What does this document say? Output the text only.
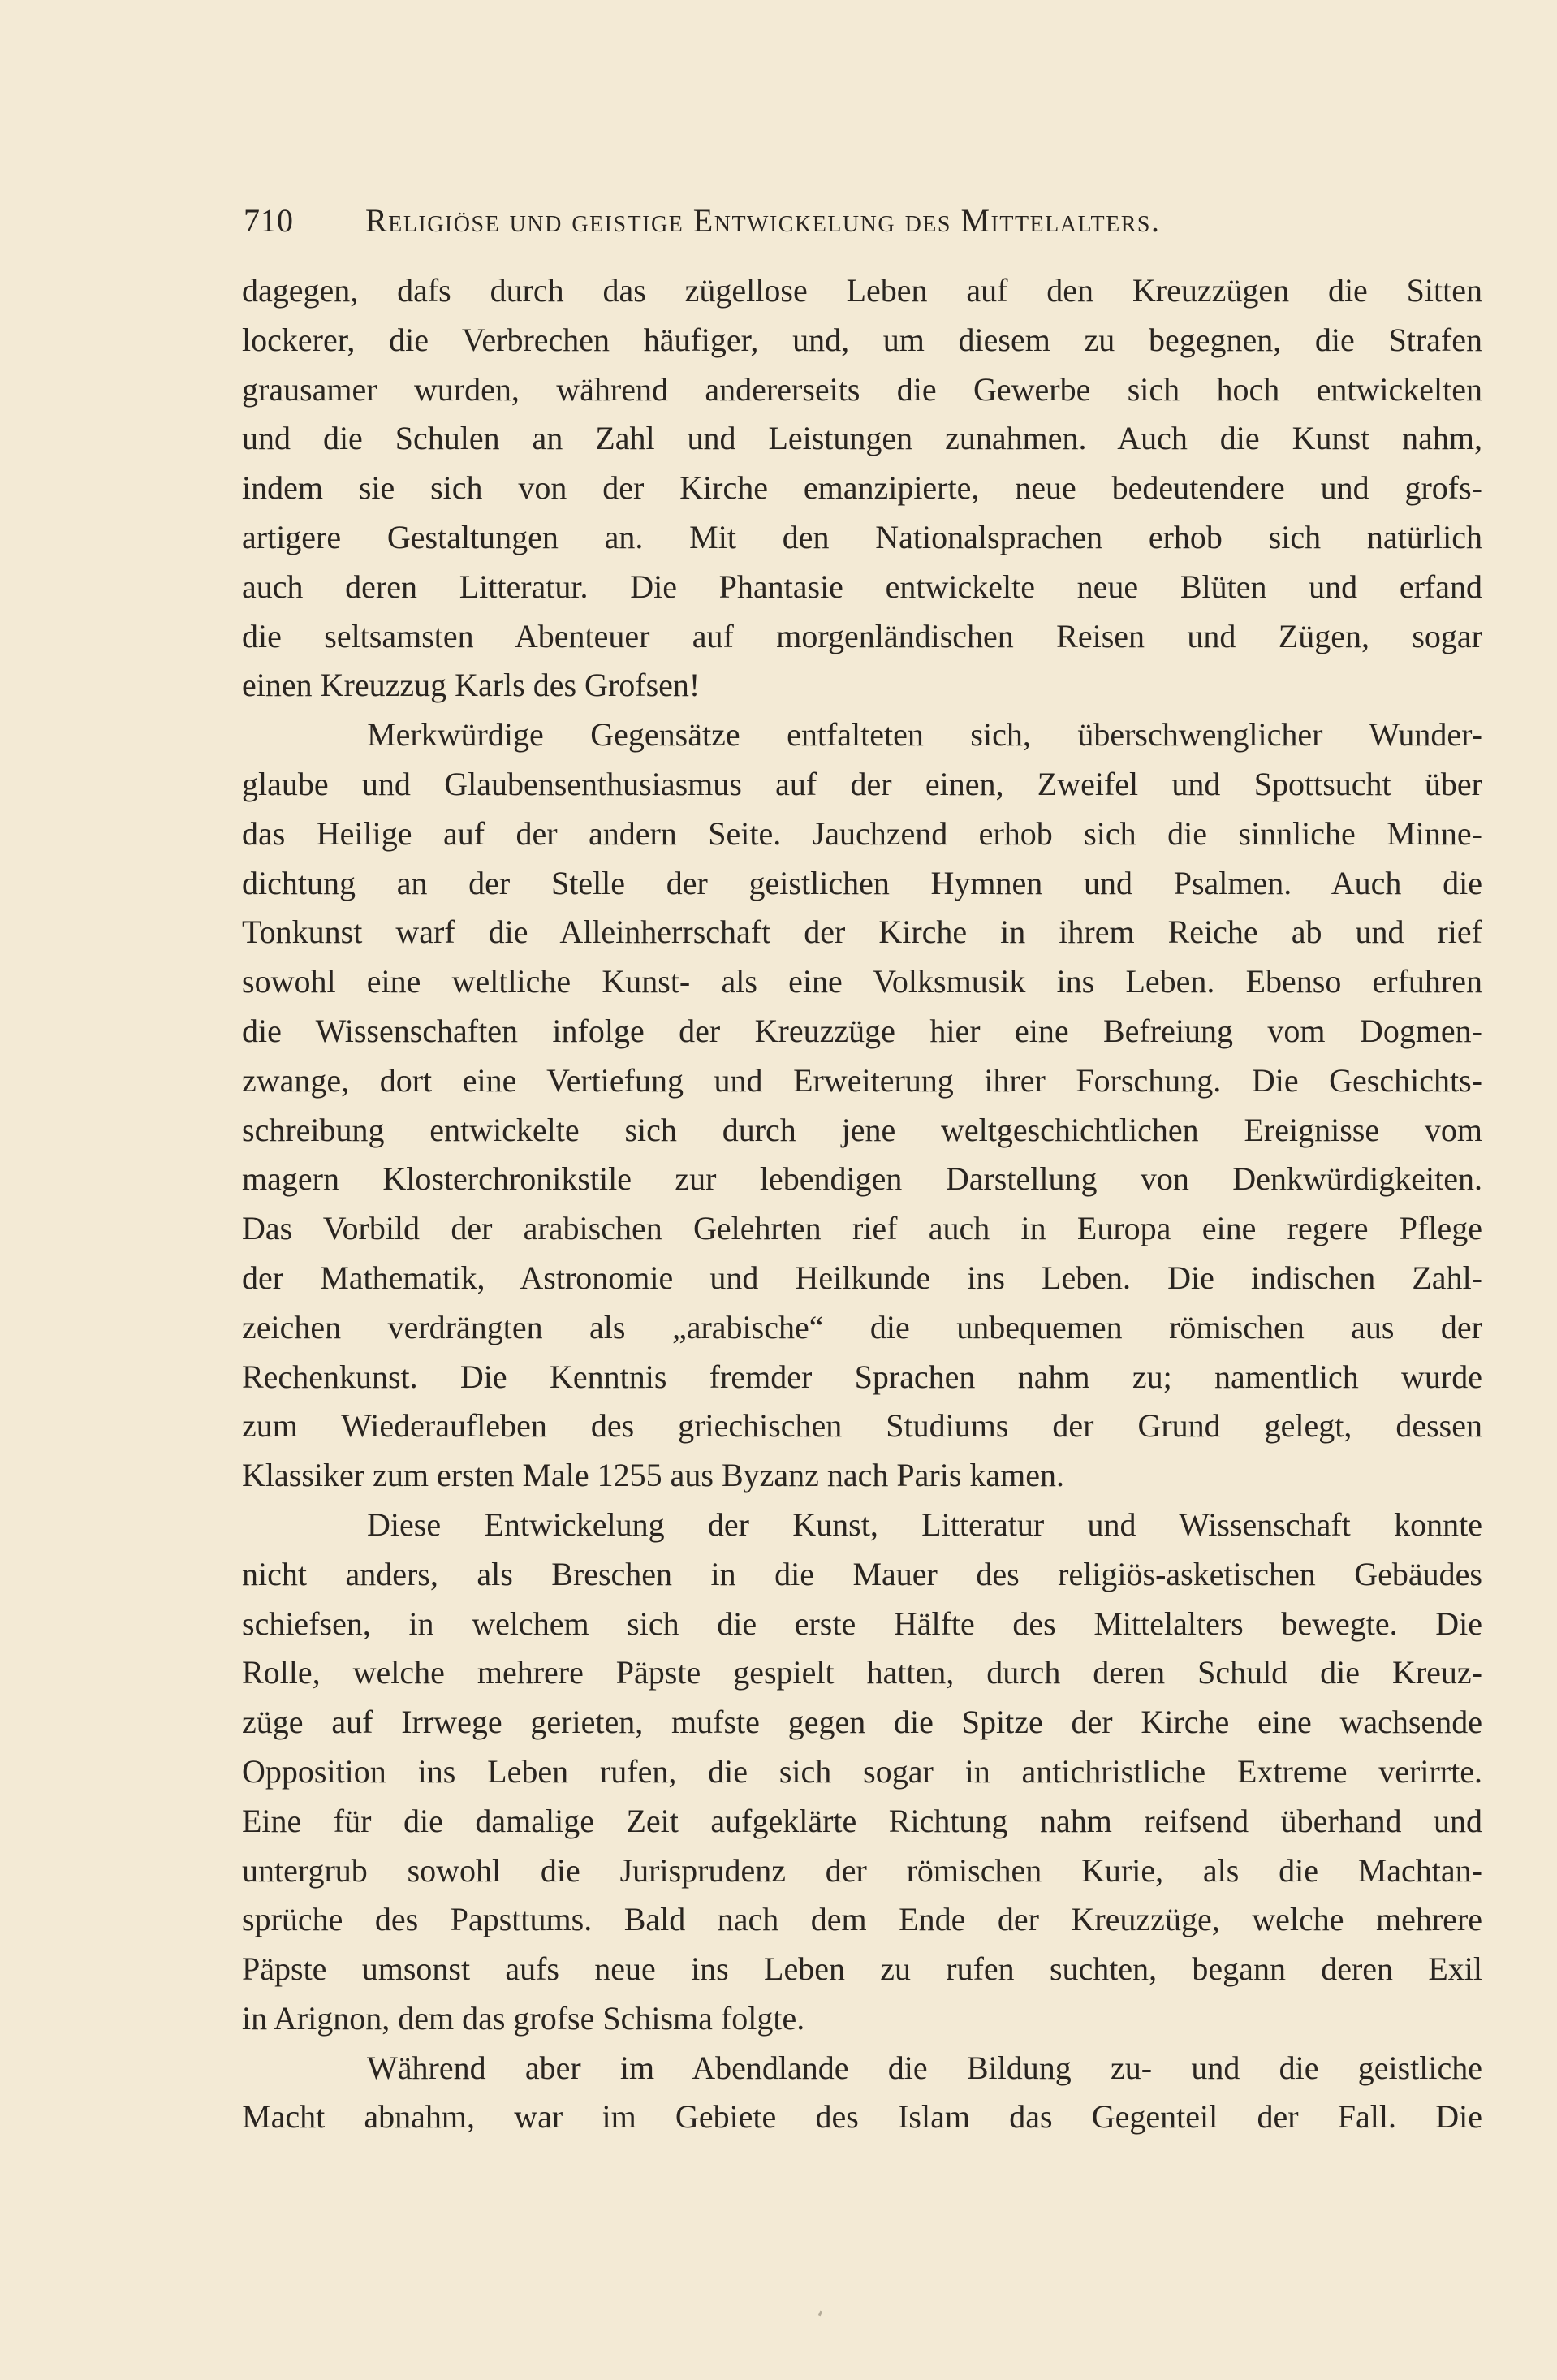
710	Religiöse und geistige Entwickelung des Mittelalters.
dagegen, dafs durch das zügellose Leben auf den Kreuzzügen die Sitten
lockerer, die Verbrechen häufiger, und, um diesem zu begegnen, die Strafen
grausamer wurden, während andererseits die Gewerbe sich hoch entwickelten
und die Schulen an Zahl und Leistungen zunahmen. Auch die Kunst nahm,
indem sie sich von der Kirche emanzipierte, neue bedeutendere und grofs-
artigere Gestaltungen an. Mit den Nationalsprachen erhob sich natürlich
auch deren Litteratur. Die Phantasie entwickelte neue Blüten und erfand
die seltsamsten Abenteuer auf morgenländischen Reisen und Zügen, sogar
einen Kreuzzug Karls des Grofsen!
Merkwürdige Gegensätze entfalteten sich, überschwenglicher Wunder-
glaube und Glaubensenthusiasmus auf der einen, Zweifel und Spottsucht über
das Heilige auf der andern Seite. Jauchzend erhob sich die sinnliche Minne-
dichtung an der Stelle der geistlichen Hymnen und Psalmen. Auch die
Tonkunst warf die Alleinherrschaft der Kirche in ihrem Reiche ab und rief
sowohl eine weltliche Kunst- als eine Volksmusik ins Leben. Ebenso erfuhren
die Wissenschaften infolge der Kreuzzüge hier eine Befreiung vom Dogmen-
zwange, dort eine Vertiefung und Erweiterung ihrer Forschung. Die Geschichts-
schreibung entwickelte sich durch jene weltgeschichtlichen Ereignisse vom
magern Klosterchronikstile zur lebendigen Darstellung von Denkwürdigkeiten.
Das Vorbild der arabischen Gelehrten rief auch in Europa eine regere Pflege
der Mathematik, Astronomie und Heilkunde ins Leben. Die indischen Zahl-
zeichen verdrängten als „arabische“ die unbequemen römischen aus der
Rechenkunst. Die Kenntnis fremder Sprachen nahm zu; namentlich wurde
zum Wiederaufleben des griechischen Studiums der Grund gelegt, dessen
Klassiker zum ersten Male 1255 aus Byzanz nach Paris kamen.
Diese Entwickelung der Kunst, Litteratur und Wissenschaft konnte
nicht anders, als Breschen in die Mauer des religiös-asketischen Gebäudes
schiefsen, in welchem sich die erste Hälfte des Mittelalters bewegte. Die
Rolle, welche mehrere Päpste gespielt hatten, durch deren Schuld die Kreuz-
züge auf Irrwege gerieten, mufste gegen die Spitze der Kirche eine wachsende
Opposition ins Leben rufen, die sich sogar in antichristliche Extreme verirrte.
Eine für die damalige Zeit aufgeklärte Richtung nahm reifsend überhand und
untergrub sowohl die Jurisprudenz der römischen Kurie, als die Machtan-
sprüche des Papsttums. Bald nach dem Ende der Kreuzzüge, welche mehrere
Päpste umsonst aufs neue ins Leben zu rufen suchten, begann deren Exil
in Arignon, dem das grofse Schisma folgte.
Während aber im Abendlande die Bildung zu- und die geistliche
Macht abnahm, war im Gebiete des Islam das Gegenteil der Fall. Die
